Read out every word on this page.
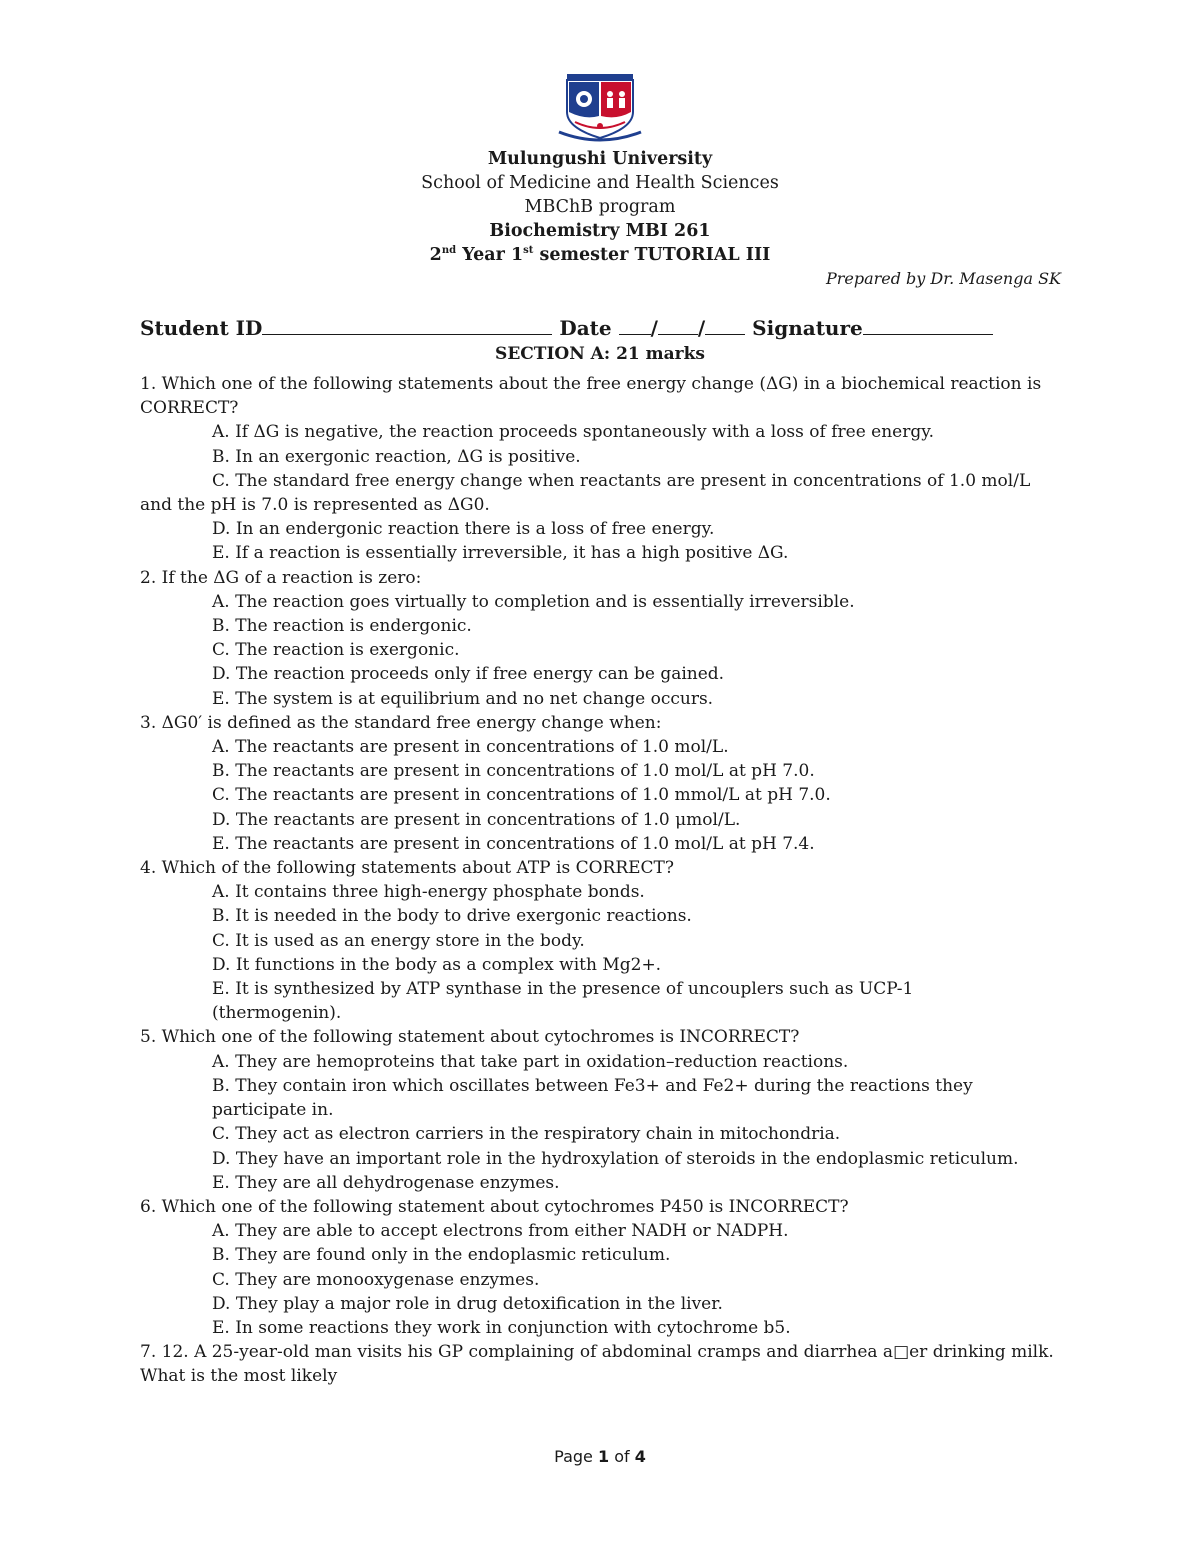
Mulungushi University
School of Medicine and Health Sciences
MBChB program
Biochemistry MBI 261
2nd Year 1st semester TUTORIAL III
Prepared by Dr. Masenga SK
Student ID	Date / / Signature
SECTION A: 21 marks

1. Which one of the following statements about the free energy change (ΔG) in a biochemical reaction is CORRECT?

A. If ΔG is negative, the reaction proceeds spontaneously with a loss of free energy.

B. In an exergonic reaction, ΔG is positive.

C. The standard free energy change when reactants are present in concentrations of 1.0 mol/L

and the pH is 7.0 is represented as ΔG0.

D. In an endergonic reaction there is a loss of free energy.

E. If a reaction is essentially irreversible, it has a high positive ΔG.

2. If the ΔG of a reaction is zero:

A. The reaction goes virtually to completion and is essentially irreversible.

B. The reaction is endergonic.

C. The reaction is exergonic.

D. The reaction proceeds only if free energy can be gained.

E. The system is at equilibrium and no net change occurs.

3. ΔG0′ is defined as the standard free energy change when:

A. The reactants are present in concentrations of 1.0 mol/L.

B. The reactants are present in concentrations of 1.0 mol/L at pH 7.0.

C. The reactants are present in concentrations of 1.0 mmol/L at pH 7.0.

D. The reactants are present in concentrations of 1.0 μmol/L.

E. The reactants are present in concentrations of 1.0 mol/L at pH 7.4.

4. Which of the following statements about ATP is CORRECT?

A. It contains three high-energy phosphate bonds.

B. It is needed in the body to drive exergonic reactions.

C. It is used as an energy store in the body.

D. It functions in the body as a complex with Mg2+.

E. It is synthesized by ATP synthase in the presence of uncouplers such as UCP-1

(thermogenin).

5. Which one of the following statement about cytochromes is INCORRECT?

A. They are hemoproteins that take part in oxidation–reduction reactions.

B. They contain iron which oscillates between Fe3+ and Fe2+ during the reactions they

participate in.

C. They act as electron carriers in the respiratory chain in mitochondria.

D. They have an important role in the hydroxylation of steroids in the endoplasmic reticulum.

E. They are all dehydrogenase enzymes.

6. Which one of the following statement about cytochromes P450 is INCORRECT?

A. They are able to accept electrons from either NADH or NADPH.

B. They are found only in the endoplasmic reticulum.

C. They are monooxygenase enzymes.

D. They play a major role in drug detoxification in the liver.

E. In some reactions they work in conjunction with cytochrome b5.

7. 12. A 25-year-old man visits his GP complaining of abdominal cramps and diarrhea a□er drinking milk. What is the most likely

Page 1 of 4
